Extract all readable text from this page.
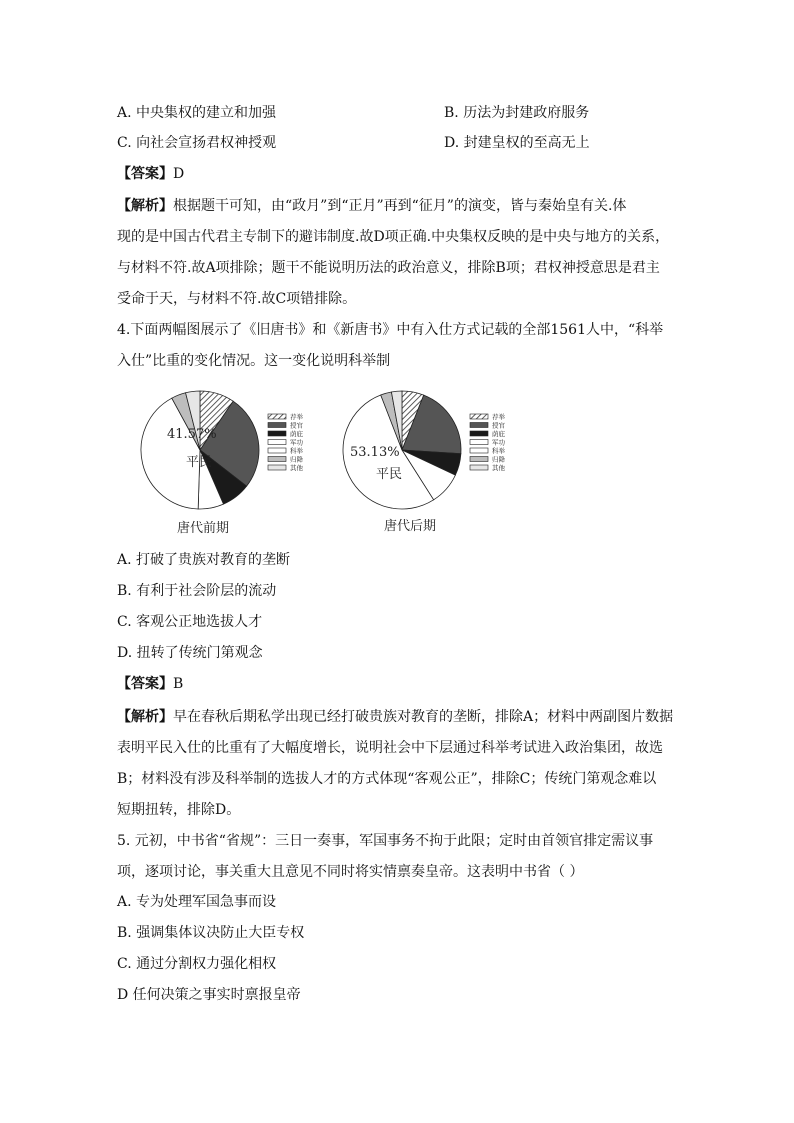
A. 中央集权的建立和加强	B. 历法为封建政府服务
C. 向社会宣扬君权神授观	D. 封建皇权的至高无上
【答案】D
【解析】根据题干可知，由“政月”到“正月”再到“征月”的演变，皆与秦始皇有关.体
现的是中国古代君主专制下的避讳制度.故D项正确.中央集权反映的是中央与地方的关系，
与材料不符.故A项排除；题干不能说明历法的政治意义，排除B项；君权神授意思是君主
受命于天，与材料不符.故C项错排除。
4.下面两幅图展示了《旧唐书》和《新唐书》中有入仕方式记载的全部1561人中，“科举
入仕”比重的变化情况。这一变化说明科举制
41.57%
平民
唐代前期
荐举
授官
荫庇
军功
科举
归降
其他
53.13%
平民
唐代后期
荐举
授官
荫庇
军功
科举
归降
其他
A. 打破了贵族对教育的垄断
B. 有利于社会阶层的流动
C. 客观公正地选拔人才
D. 扭转了传统门第观念
【答案】B
【解析】早在春秋后期私学出现已经打破贵族对教育的垄断，排除A；材料中两副图片数据
表明平民入仕的比重有了大幅度增长，说明社会中下层通过科举考试进入政治集团，故选
B；材料没有涉及科举制的选拔人才的方式体现“客观公正”，排除C；传统门第观念难以
短期扭转，排除D。
5. 元初，中书省“省规”：三日一奏事，军国事务不拘于此限；定时由首领官排定需议事
项，逐项讨论，事关重大且意见不同时将实情禀奏皇帝。这表明中书省（ ）
A. 专为处理军国急事而设
B. 强调集体议决防止大臣专权
C. 通过分割权力强化相权
D 任何决策之事实时禀报皇帝
